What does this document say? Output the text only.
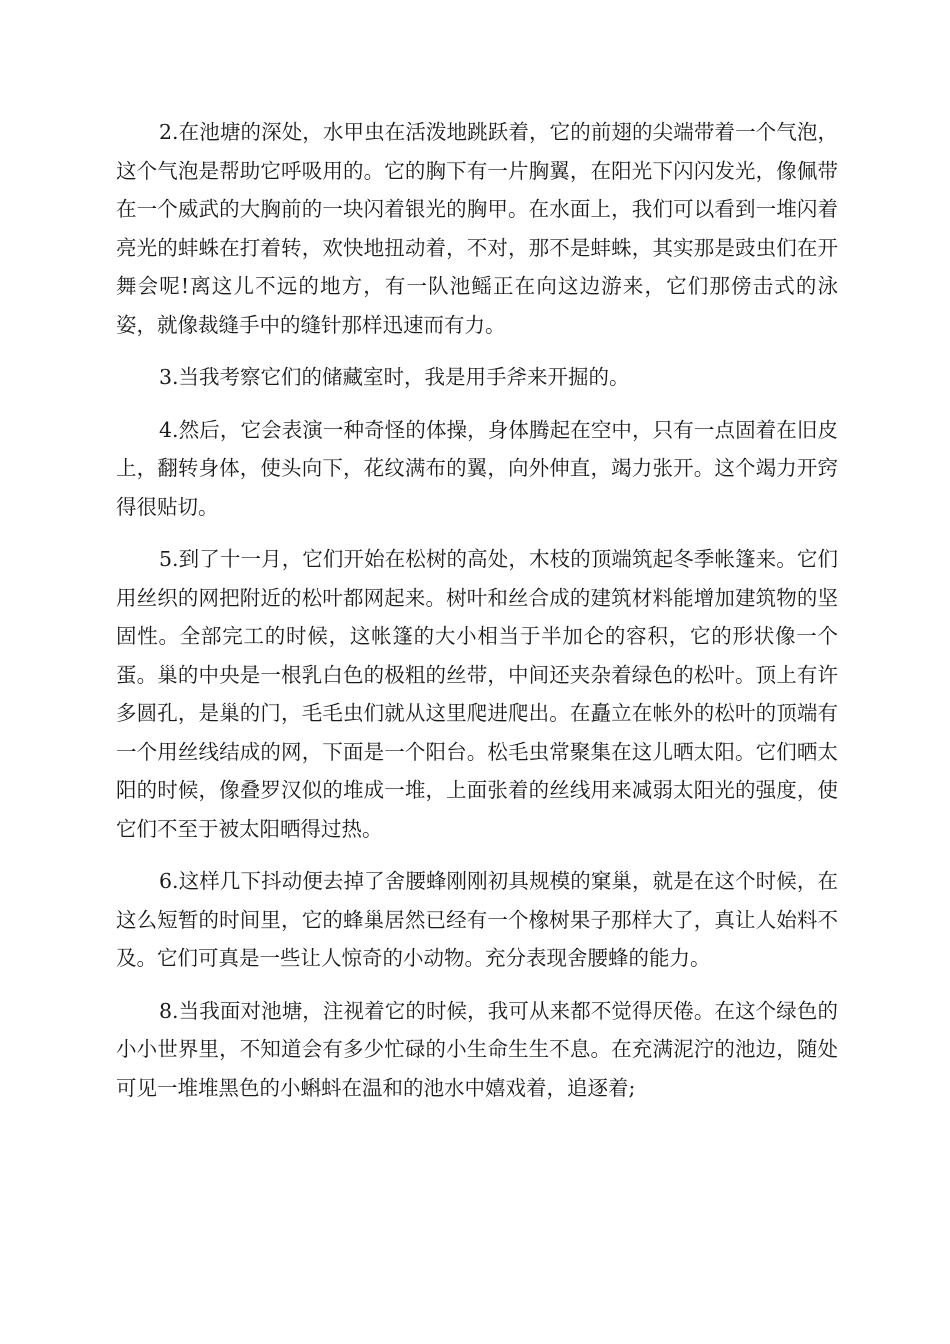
2.在池塘的深处，水甲虫在活泼地跳跃着，它的前翅的尖端带着一个气泡，这个气泡是帮助它呼吸用的。它的胸下有一片胸翼，在阳光下闪闪发光，像佩带在一个威武的大胸前的一块闪着银光的胸甲。在水面上，我们可以看到一堆闪着亮光的蚌蛛在打着转，欢快地扭动着，不对，那不是蚌蛛，其实那是豉虫们在开舞会呢!离这儿不远的地方，有一队池鳐正在向这边游来，它们那傍击式的泳姿，就像裁缝手中的缝针那样迅速而有力。

3.当我考察它们的储藏室时，我是用手斧来开掘的。

4.然后，它会表演一种奇怪的体操，身体腾起在空中，只有一点固着在旧皮上，翻转身体，使头向下，花纹满布的翼，向外伸直，竭力张开。这个竭力开窍得很贴切。

5.到了十一月，它们开始在松树的高处，木枝的顶端筑起冬季帐篷来。它们用丝织的网把附近的松叶都网起来。树叶和丝合成的建筑材料能增加建筑物的坚固性。全部完工的时候，这帐篷的大小相当于半加仑的容积，它的形状像一个蛋。巢的中央是一根乳白色的极粗的丝带，中间还夹杂着绿色的松叶。顶上有许多圆孔，是巢的门，毛毛虫们就从这里爬进爬出。在矗立在帐外的松叶的顶端有一个用丝线结成的网，下面是一个阳台。松毛虫常聚集在这儿晒太阳。它们晒太阳的时候，像叠罗汉似的堆成一堆，上面张着的丝线用来减弱太阳光的强度，使它们不至于被太阳晒得过热。

6.这样几下抖动便去掉了舍腰蜂刚刚初具规模的窠巢，就是在这个时候，在这么短暂的时间里，它的蜂巢居然已经有一个橡树果子那样大了，真让人始料不及。它们可真是一些让人惊奇的小动物。充分表现舍腰蜂的能力。

8.当我面对池塘，注视着它的时候，我可从来都不觉得厌倦。在这个绿色的小小世界里，不知道会有多少忙碌的小生命生生不息。在充满泥泞的池边，随处可见一堆堆黑色的小蝌蚪在温和的池水中嬉戏着，追逐着;
